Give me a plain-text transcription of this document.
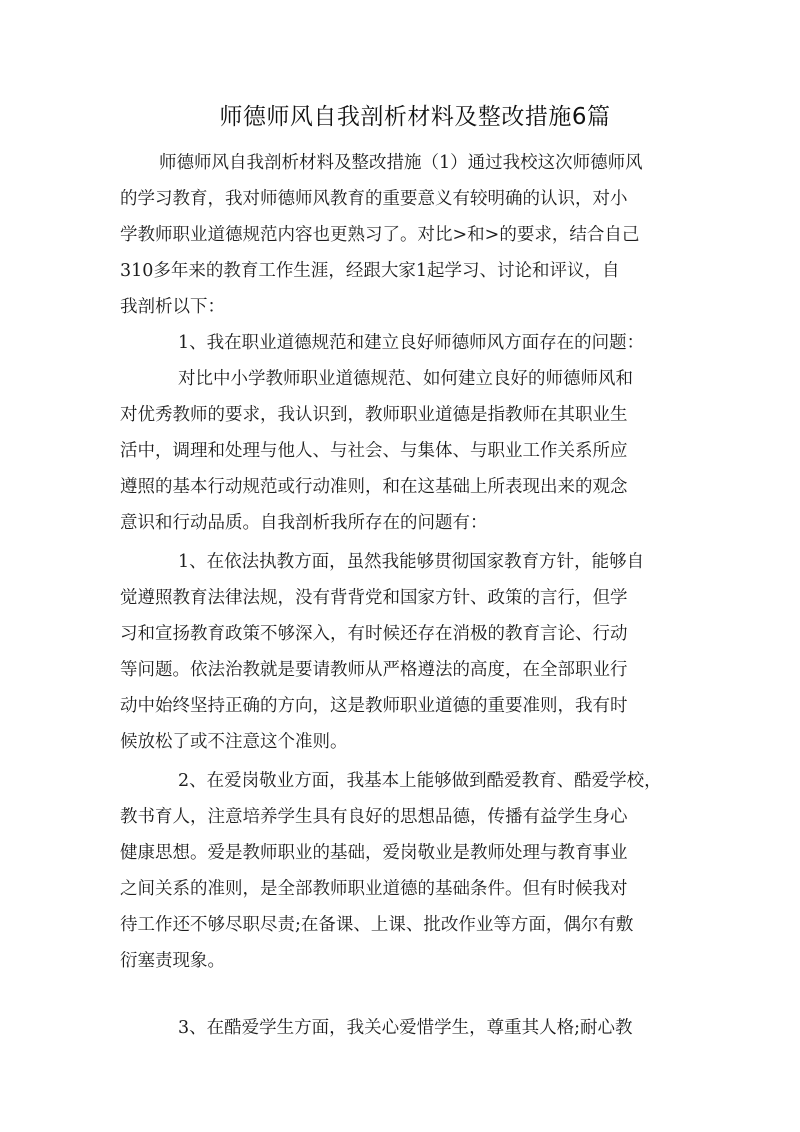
师德师风自我剖析材料及整改措施6篇
师德师风自我剖析材料及整改措施（1）通过我校这次师德师风
的学习教育，我对师德师风教育的重要意义有较明确的认识，对小
学教师职业道德规范内容也更熟习了。对比>和>的要求，结合自己
310多年来的教育工作生涯，经跟大家1起学习、讨论和评议，自
我剖析以下：
1、我在职业道德规范和建立良好师德师风方面存在的问题：
对比中小学教师职业道德规范、如何建立良好的师德师风和
对优秀教师的要求，我认识到，教师职业道德是指教师在其职业生
活中，调理和处理与他人、与社会、与集体、与职业工作关系所应
遵照的基本行动规范或行动准则，和在这基础上所表现出来的观念
意识和行动品质。自我剖析我所存在的问题有：
1、在依法执教方面，虽然我能够贯彻国家教育方针，能够自
觉遵照教育法律法规，没有背背党和国家方针、政策的言行，但学
习和宣扬教育政策不够深入，有时候还存在消极的教育言论、行动
等问题。依法治教就是要请教师从严格遵法的高度，在全部职业行
动中始终坚持正确的方向，这是教师职业道德的重要准则，我有时
候放松了或不注意这个准则。
2、在爱岗敬业方面，我基本上能够做到酷爱教育、酷爱学校，
教书育人，注意培养学生具有良好的思想品德，传播有益学生身心
健康思想。爱是教师职业的基础，爱岗敬业是教师处理与教育事业
之间关系的准则，是全部教师职业道德的基础条件。但有时候我对
待工作还不够尽职尽责;在备课、上课、批改作业等方面，偶尔有敷
衍塞责现象。
3、在酷爱学生方面，我关心爱惜学生，尊重其人格;耐心教
